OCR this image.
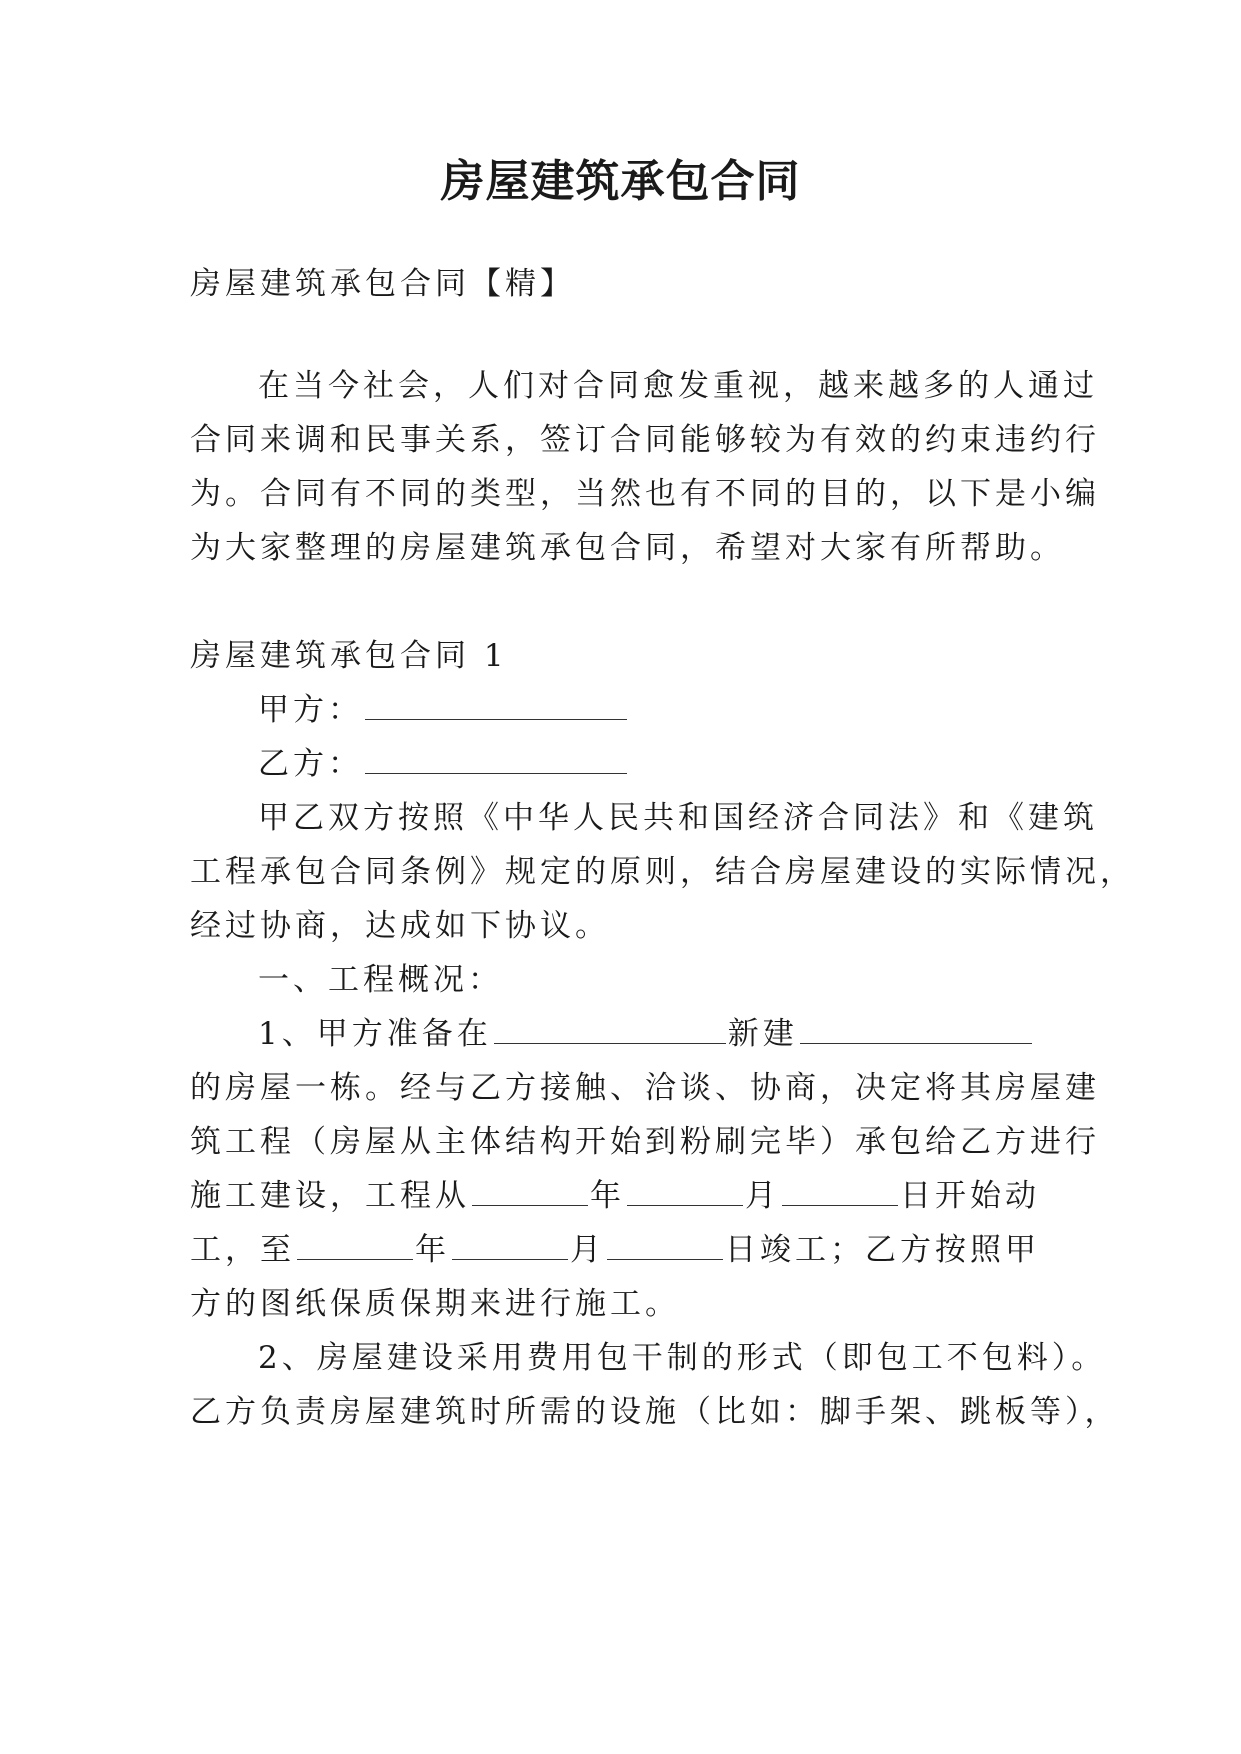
房屋建筑承包合同
房屋建筑承包合同【精】
在当今社会，人们对合同愈发重视，越来越多的人通过
合同来调和民事关系，签订合同能够较为有效的约束违约行
为。合同有不同的类型，当然也有不同的目的，以下是小编
为大家整理的房屋建筑承包合同，希望对大家有所帮助。
房屋建筑承包合同 1
甲方：
乙方：
甲乙双方按照《中华人民共和国经济合同法》和《建筑
工程承包合同条例》规定的原则，结合房屋建设的实际情况，
经过协商，达成如下协议。
一、工程概况：
1、甲方准备在	新建
的房屋一栋。经与乙方接触、洽谈、协商，决定将其房屋建
筑工程（房屋从主体结构开始到粉刷完毕）承包给乙方进行
施工建设，工程从	年	月	日开始动
工，至	年	月	日竣工；乙方按照甲
方的图纸保质保期来进行施工。
2、房屋建设采用费用包干制的形式（即包工不包料）。
乙方负责房屋建筑时所需的设施（比如：脚手架、跳板等），
